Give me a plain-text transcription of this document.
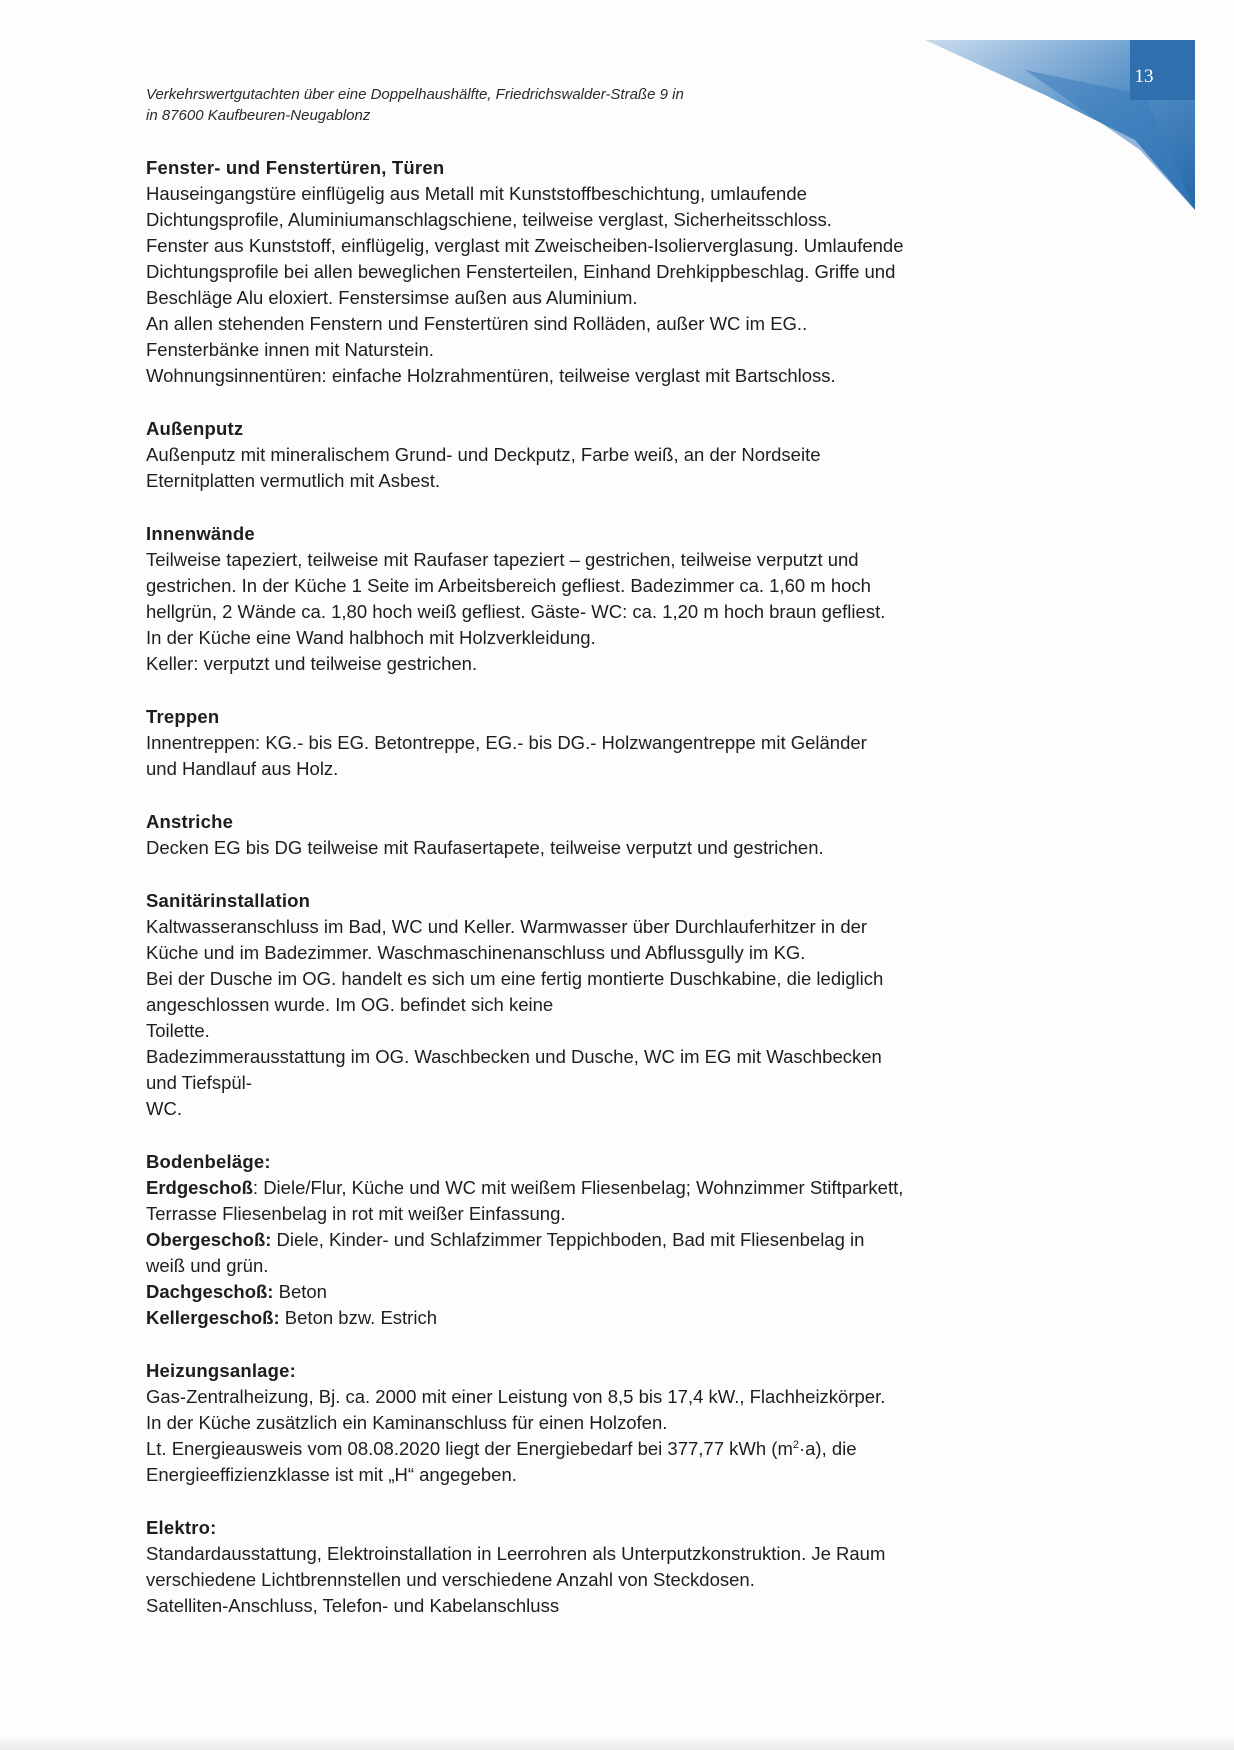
13
Verkehrswertgutachten über eine Doppelhaushälfte, Friedrichswalder-Straße 9 in
in 87600 Kaufbeuren-Neugablonz
Fenster- und Fenstertüren, Türen
Hauseingangstüre einflügelig aus Metall mit Kunststoffbeschichtung, umlaufende
Dichtungsprofile, Aluminiumanschlagschiene, teilweise verglast, Sicherheitsschloss.
Fenster aus Kunststoff, einflügelig, verglast mit Zweischeiben-Isolierverglasung. Umlaufende
Dichtungsprofile bei allen beweglichen Fensterteilen, Einhand Drehkippbeschlag. Griffe und
Beschläge Alu eloxiert. Fenstersimse außen aus Aluminium.
An allen stehenden Fenstern und Fenstertüren sind Rolläden, außer WC im EG..
Fensterbänke innen mit Naturstein.
Wohnungsinnentüren: einfache Holzrahmentüren, teilweise verglast mit Bartschloss.
Außenputz
Außenputz mit mineralischem Grund- und Deckputz, Farbe weiß, an der Nordseite
Eternitplatten vermutlich mit Asbest.
Innenwände
Teilweise tapeziert, teilweise mit Raufaser tapeziert – gestrichen, teilweise verputzt und
gestrichen. In der Küche 1 Seite im Arbeitsbereich gefliest. Badezimmer ca. 1,60 m hoch
hellgrün, 2 Wände ca. 1,80 hoch weiß gefliest. Gäste- WC: ca. 1,20 m hoch braun gefliest.
In der Küche eine Wand halbhoch mit Holzverkleidung.
Keller: verputzt und teilweise gestrichen.
Treppen
Innentreppen: KG.- bis EG. Betontreppe, EG.- bis DG.- Holzwangentreppe mit Geländer
und Handlauf aus Holz.
Anstriche
Decken EG bis DG teilweise mit Raufasertapete, teilweise verputzt und gestrichen.
Sanitärinstallation
Kaltwasseranschluss im Bad, WC und Keller. Warmwasser über Durchlauferhitzer in der
Küche und im Badezimmer. Waschmaschinenanschluss und Abflussgully im KG.
Bei der Dusche im OG. handelt es sich um eine fertig montierte Duschkabine, die lediglich
angeschlossen wurde. Im OG. befindet sich keine
Toilette.
Badezimmerausstattung im OG. Waschbecken und Dusche, WC im EG mit Waschbecken
und Tiefspül-
WC.
Bodenbeläge:
Erdgeschoß: Diele/Flur, Küche und WC mit weißem Fliesenbelag; Wohnzimmer Stiftparkett,
Terrasse Fliesenbelag in rot mit weißer Einfassung.
Obergeschoß: Diele, Kinder- und Schlafzimmer Teppichboden, Bad mit Fliesenbelag in
weiß und grün.
Dachgeschoß: Beton
Kellergeschoß: Beton bzw. Estrich
Heizungsanlage:
Gas-Zentralheizung, Bj. ca. 2000 mit einer Leistung von 8,5 bis 17,4 kW., Flachheizkörper.
In der Küche zusätzlich ein Kaminanschluss für einen Holzofen.
Lt. Energieausweis vom 08.08.2020 liegt der Energiebedarf bei 377,77 kWh $(m^2\cdot a)$, die
Energieeffizienzklasse ist mit „H“ angegeben.
Elektro:
Standardausstattung, Elektroinstallation in Leerrohren als Unterputzkonstruktion. Je Raum
verschiedene Lichtbrennstellen und verschiedene Anzahl von Steckdosen.
Satelliten-Anschluss, Telefon- und Kabelanschluss
